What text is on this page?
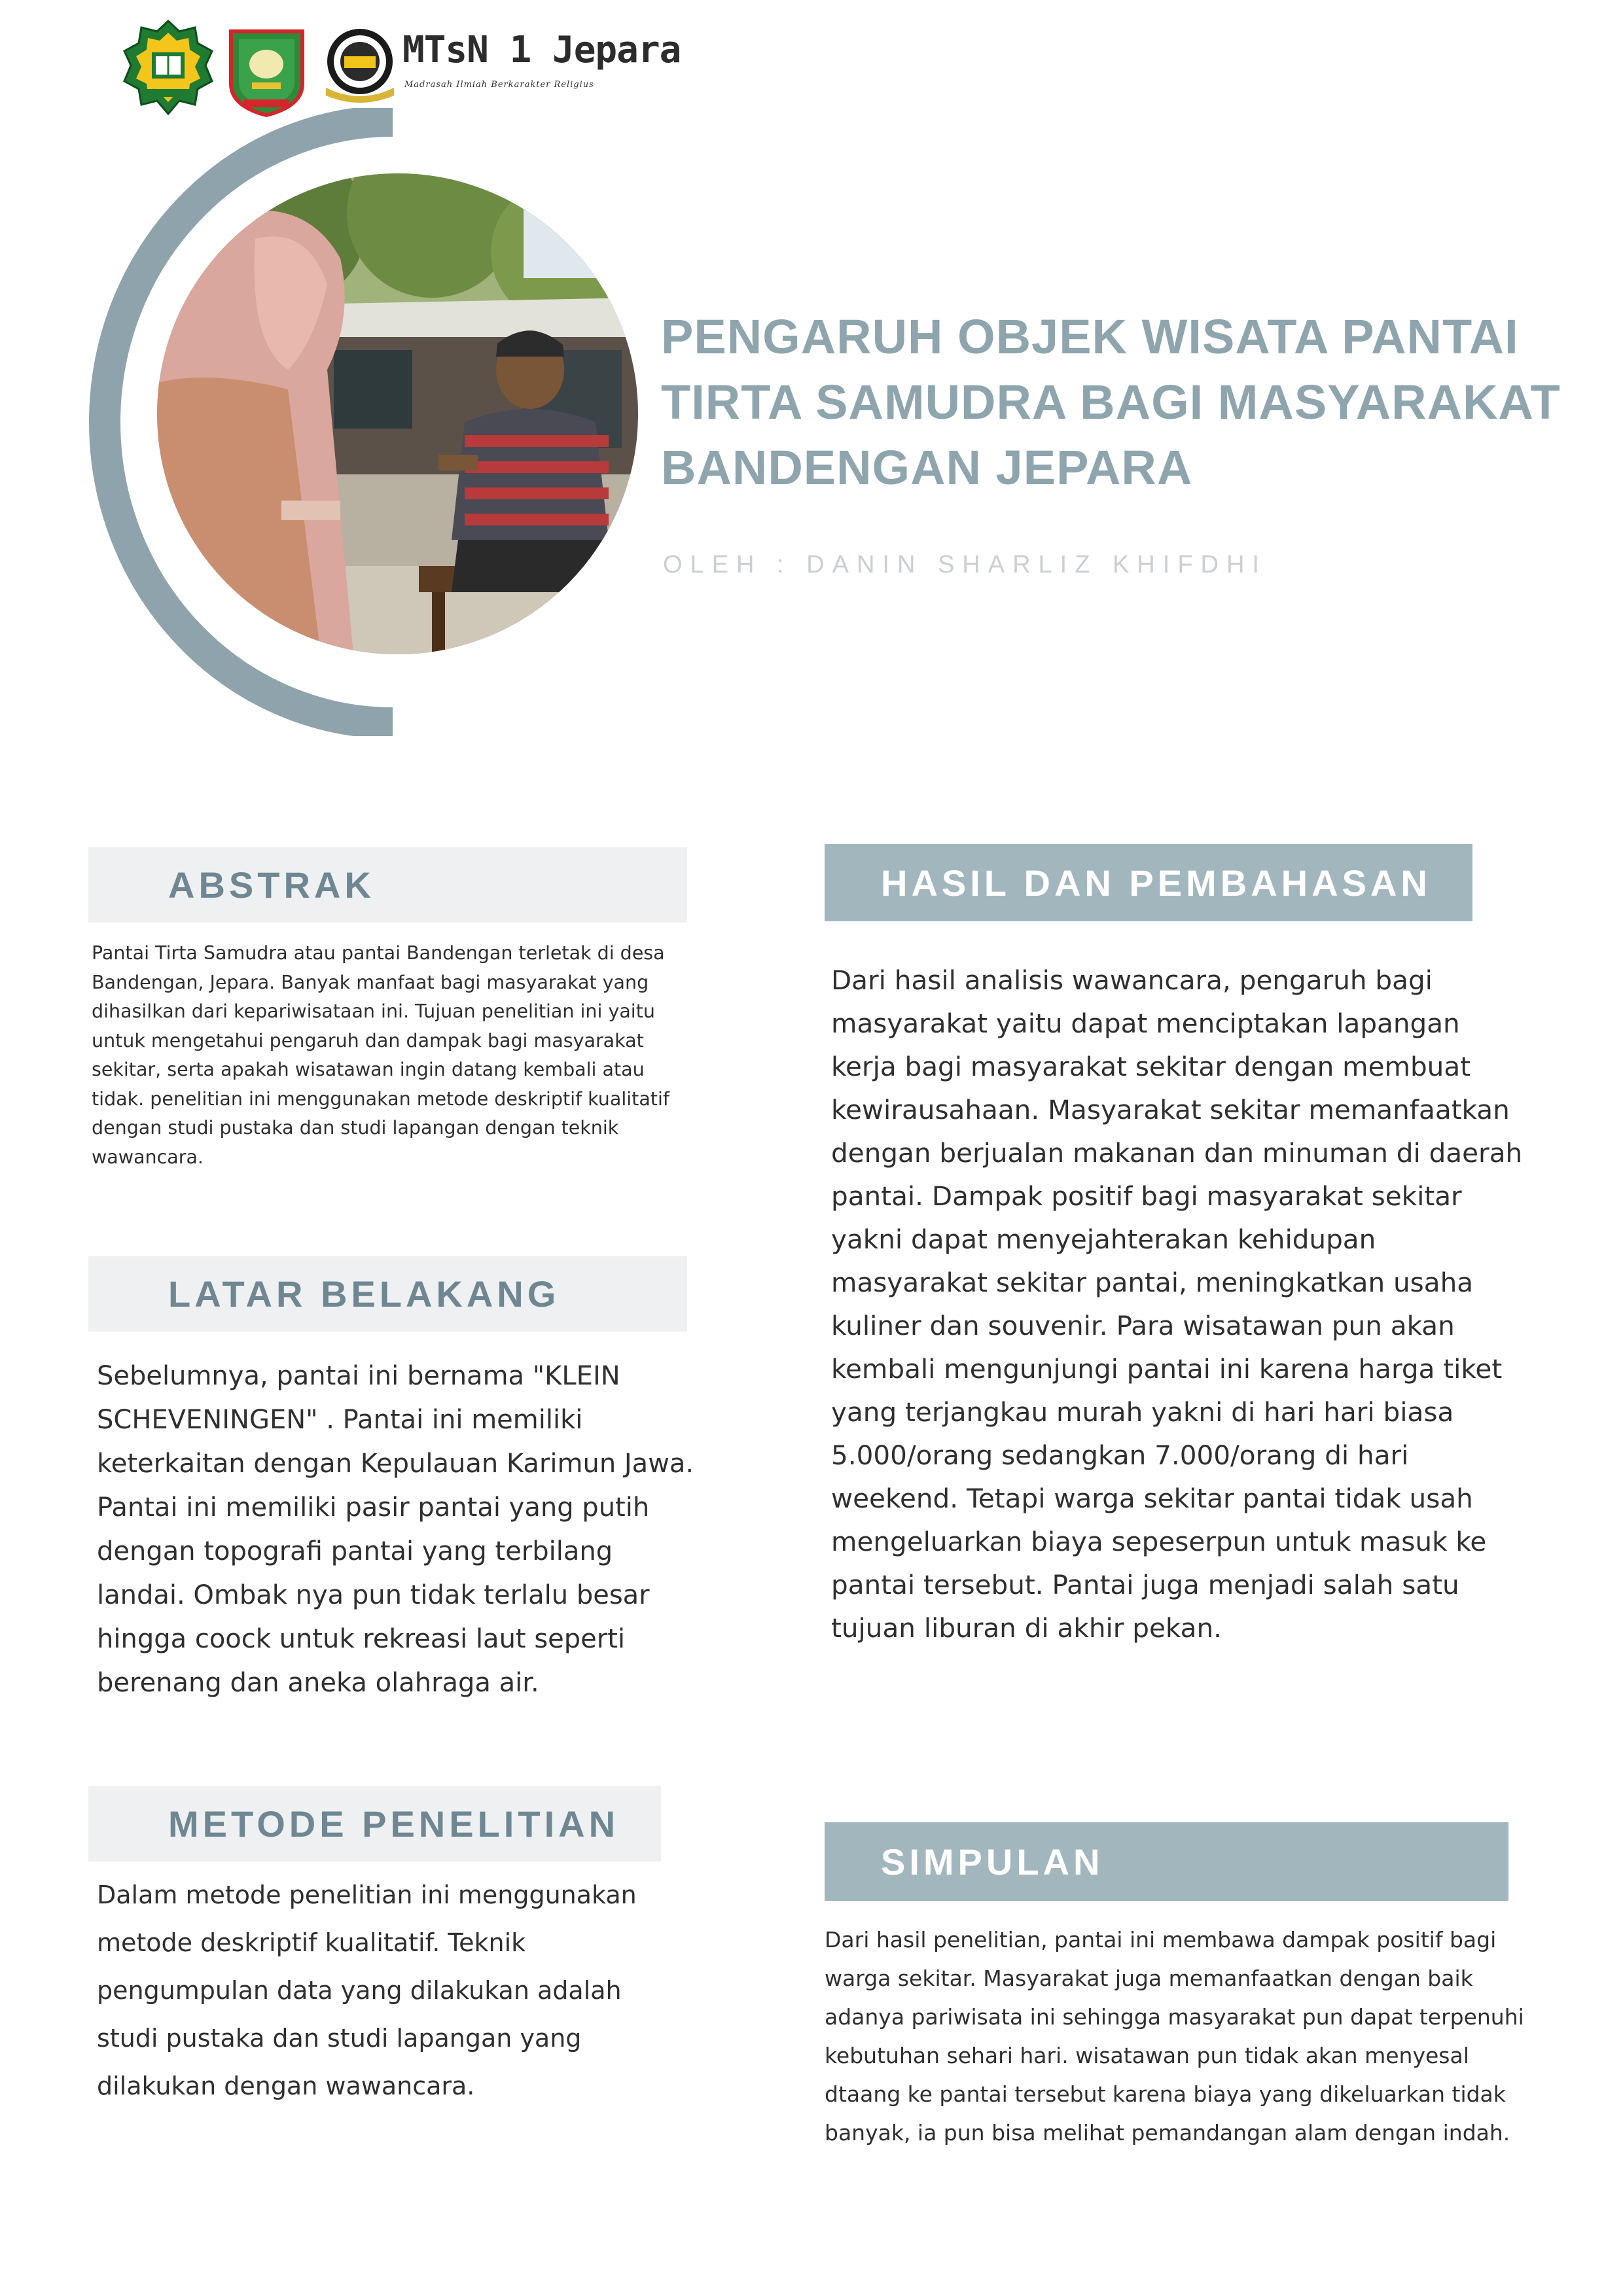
MTsN 1 Jepara
Madrasah Ilmiah Berkarakter Religius
PENGARUH OBJEK WISATA PANTAI TIRTA SAMUDRA BAGI MASYARAKAT BANDENGAN JEPARA
OLEH : DANIN SHARLIZ KHIFDHI
ABSTRAK

Pantai Tirta Samudra atau pantai Bandengan terletak di desa Bandengan, Jepara. Banyak manfaat bagi masyarakat yang dihasilkan dari kepariwisataan ini. Tujuan penelitian ini yaitu untuk mengetahui pengaruh dan dampak bagi masyarakat sekitar, serta apakah wisatawan ingin datang kembali atau tidak. penelitian ini menggunakan metode deskriptif kualitatif dengan studi pustaka dan studi lapangan dengan teknik wawancara.

LATAR BELAKANG

Sebelumnya, pantai ini bernama "KLEIN SCHEVENINGEN" . Pantai ini memiliki keterkaitan dengan Kepulauan Karimun Jawa. Pantai ini memiliki pasir pantai yang putih dengan topografi pantai yang terbilang landai. Ombak nya pun tidak terlalu besar hingga coock untuk rekreasi laut seperti berenang dan aneka olahraga air.

METODE PENELITIAN

Dalam metode penelitian ini menggunakan metode deskriptif kualitatif. Teknik pengumpulan data yang dilakukan adalah studi pustaka dan studi lapangan yang dilakukan dengan wawancara.

HASIL DAN PEMBAHASAN

Dari hasil analisis wawancara, pengaruh bagi masyarakat yaitu dapat menciptakan lapangan kerja bagi masyarakat sekitar dengan membuat kewirausahaan. Masyarakat sekitar memanfaatkan dengan berjualan makanan dan minuman di daerah pantai. Dampak positif bagi masyarakat sekitar yakni dapat menyejahterakan kehidupan masyarakat sekitar pantai, meningkatkan usaha kuliner dan souvenir. Para wisatawan pun akan kembali mengunjungi pantai ini karena harga tiket yang terjangkau murah yakni di hari hari biasa 5.000/orang sedangkan 7.000/orang di hari weekend. Tetapi warga sekitar pantai tidak usah mengeluarkan biaya sepeserpun untuk masuk ke pantai tersebut. Pantai juga menjadi salah satu tujuan liburan di akhir pekan.

SIMPULAN

Dari hasil penelitian, pantai ini membawa dampak positif bagi warga sekitar. Masyarakat juga memanfaatkan dengan baik adanya pariwisata ini sehingga masyarakat pun dapat terpenuhi kebutuhan sehari hari. wisatawan pun tidak akan menyesal dtaang ke pantai tersebut karena biaya yang dikeluarkan tidak banyak, ia pun bisa melihat pemandangan alam dengan indah.
